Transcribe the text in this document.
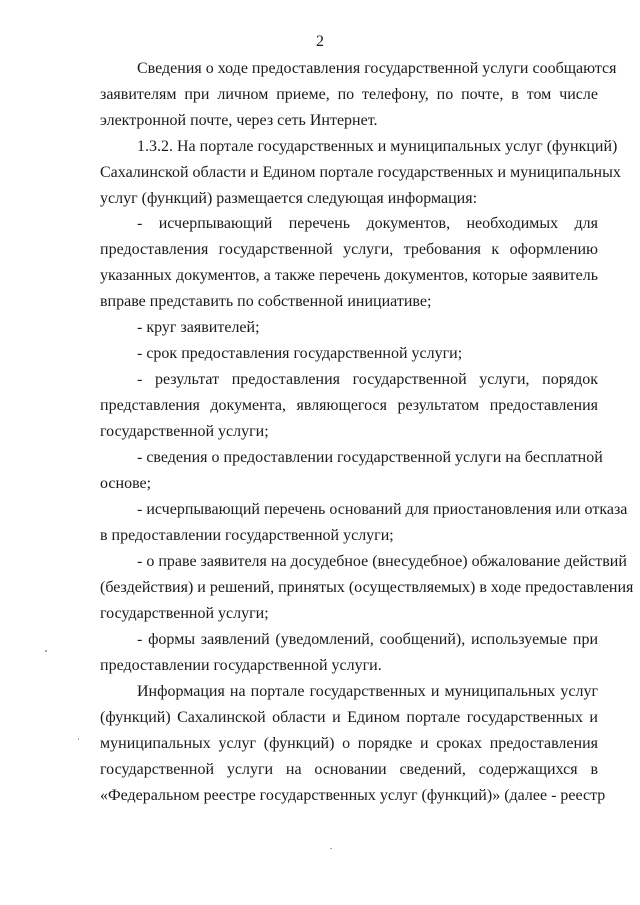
2
Сведения о ходе предоставления государственной услуги сообщаются
заявителям при личном приеме, по телефону, по почте, в том числе
электронной почте, через сеть Интернет.
1.3.2. На портале государственных и муниципальных услуг (функций)
Сахалинской области и Едином портале государственных и муниципальных
услуг (функций) размещается следующая информация:
- исчерпывающий перечень документов, необходимых для
предоставления государственной услуги, требования к оформлению
указанных документов, а также перечень документов, которые заявитель
вправе представить по собственной инициативе;
- круг заявителей;
- срок предоставления государственной услуги;
- результат предоставления государственной услуги, порядок
представления документа, являющегося результатом предоставления
государственной услуги;
- сведения о предоставлении государственной услуги на бесплатной
основе;
- исчерпывающий перечень оснований для приостановления или отказа
в предоставлении государственной услуги;
- о праве заявителя на досудебное (внесудебное) обжалование действий
(бездействия) и решений, принятых (осуществляемых) в ходе предоставления
государственной услуги;
- формы заявлений (уведомлений, сообщений), используемые при
предоставлении государственной услуги.
Информация на портале государственных и муниципальных услуг
(функций) Сахалинской области и Едином портале государственных и
муниципальных услуг (функций) о порядке и сроках предоставления
государственной услуги на основании сведений, содержащихся в
«Федеральном реестре государственных услуг (функций)» (далее - реестр
